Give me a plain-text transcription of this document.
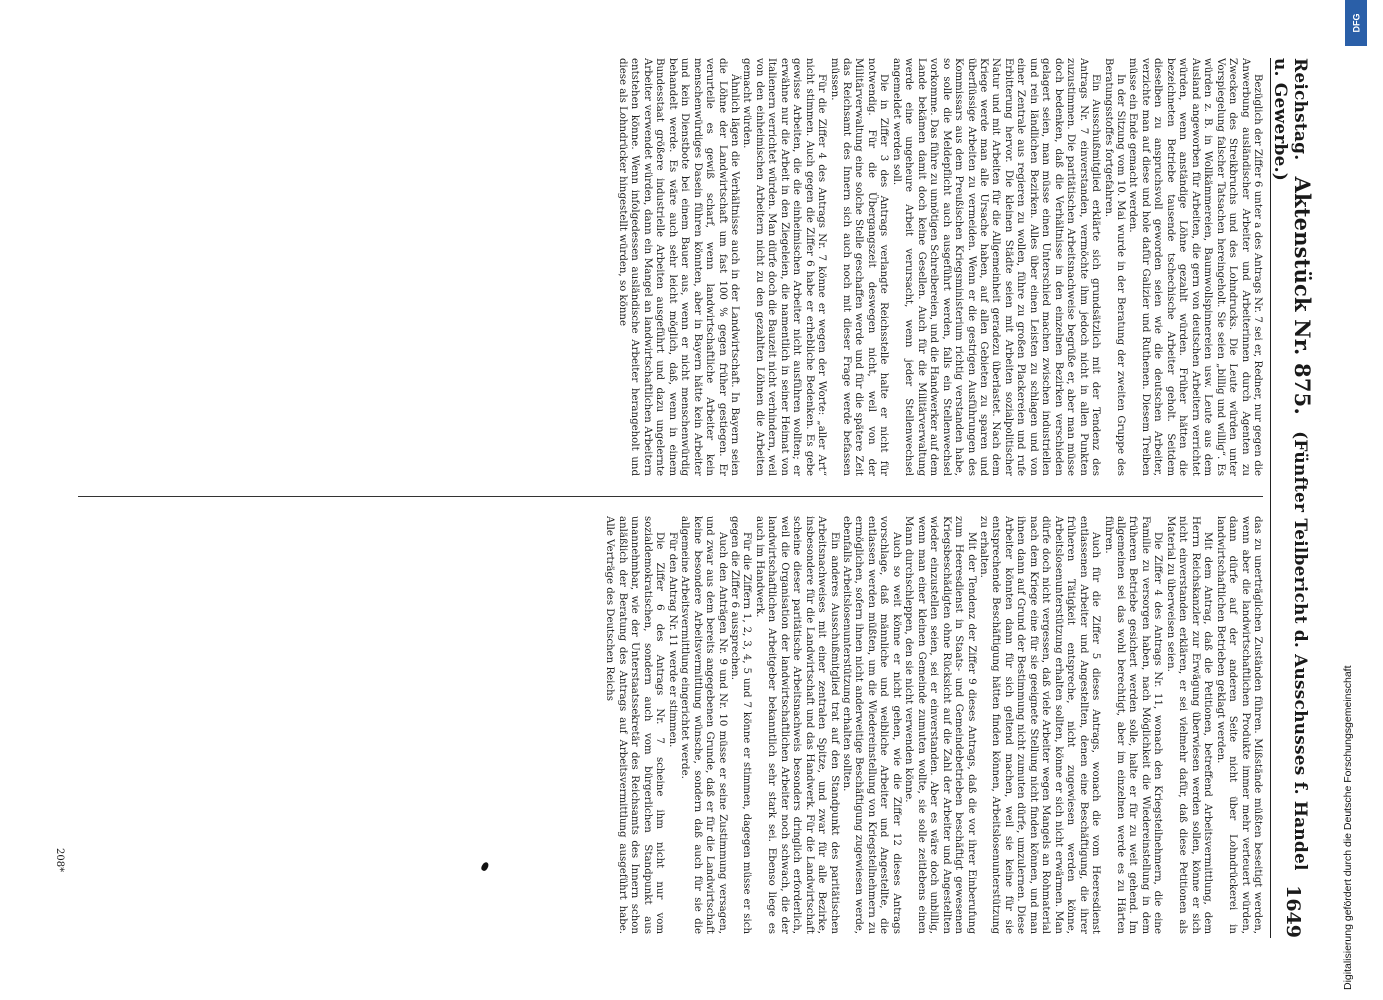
Reichstag. Aktenstück Nr. 875. (Fünfter Teilbericht d. Ausschusses f. Handel u. Gewerbe.)
1649

Bezüglich der Ziffer 6 unter a des Antrags Nr. 7 sei er, Redner, nur gegen die Anwerbung ausländischer Arbeiter und Arbeiterinnen durch Agenten zu Zwecken des Streikbruchs und des Lohndrucks. Die Leute würden unter Vorspiegelung falscher Tatsachen hereingeholt. Sie seien „billig und willig“. Es würden z. B. in Wollkämmereien, Baumwollspinnereien usw. Leute aus dem Ausland angeworben für Arbeiten, die gern von deutschen Arbeitern verrichtet würden, wenn anständige Löhne gezahlt würden. Früher hätten die bezeichneten Betriebe tausende tschechische Arbeiter geholt. Seitdem dieselben zu anspruchsvoll geworden seien wie die deutschen Arbeiter, verzichte man auf diese und hole dafür Galizier und Ruthenen. Diesem Treiben müsse ein Ende gemacht werden.

In der Sitzung vom 10. Mai wurde in der Beratung der zweiten Gruppe des Beratungsstoffes fortgefahren.

Ein Ausschußmitglied erklärte sich grundsätzlich mit der Tendenz des Antrags Nr. 7 einverstanden, vermöchte ihm jedoch nicht in allen Punkten zuzustimmen. Die paritätischen Arbeitsnachweise begrüße er, aber man müsse doch bedenken, daß die Verhältnisse in den einzelnen Bezirken verschieden gelagert seien, man müsse einen Unterschied machen zwischen industriellen und rein ländlichen Bezirken. Alles über einen Leisten zu schlagen und von einer Zentrale aus regieren zu wollen, führe zu großen Plackereien und rufe Erbitterung hervor. Die kleinen Städte seien mit Arbeiten sozialpolitischer Natur und mit Arbeiten für die Allgemeinheit geradezu überlastet. Nach dem Kriege werde man alle Ursache haben, auf allen Gebieten zu sparen und überflüssige Arbeiten zu vermeiden. Wenn er die gestrigen Ausführungen des Kommissars aus dem Preußischen Kriegsministerium richtig verstanden habe, so solle die Meldepflicht auch ausgeführt werden, falls ein Stellenwechsel vorkomme. Das führe zu unnötigen Schreibereien, und die Handwerker auf dem Lande bekämen damit doch keine Gesellen. Auch für die Militärverwaltung werde eine ungeheure Arbeit verursacht, wenn jeder Stellenwechsel angemeldet werden soll.

Die in Ziffer 3 des Antrags verlangte Reichsstelle halte er nicht für notwendig. Für die Übergangszeit deswegen nicht, weil von der Militärverwaltung eine solche Stelle geschaffen werde und für die spätere Zeit das Reichsamt des Innern sich auch noch mit dieser Frage werde befassen müssen.

Für die Ziffer 4 des Antrags Nr. 7 könne er wegen der Worte: „aller Art“ nicht stimmen. Auch gegen die Ziffer 6 habe er erhebliche Bedenken. Es gebe gewisse Arbeiten, die die einheimischen Arbeiter nicht ausführen wollten; er erwähne nur die Arbeit in den Ziegeleien, die namentlich in seiner Heimat von Italienern verrichtet würden. Man dürfe doch die Bauzeit nicht verhindern, weil von den einheimischen Arbeitern nicht zu den gezahlten Löhnen die Arbeiten gemacht würden.

Ähnlich lägen die Verhältnisse auch in der Landwirtschaft. In Bayern seien die Löhne der Landwirtschaft um fast 100 % gegen früher gestiegen. Er verurteile es gewiß scharf, wenn landwirtschaftliche Arbeiter kein menschenwürdiges Dasein führen könnten, aber in Bayern hätte kein Arbeiter und kein Dienstbote bei einem Bauer aus, wenn er nicht menschenwürdig behandelt werde. Es wäre auch sehr leicht möglich, daß, wenn in einem Bundesstaat größere industrielle Arbeiten ausgeführt und dazu ungelernte Arbeiter verwendet würden, dann ein Mangel an landwirtschaftlichen Arbeitern entstehen könne. Wenn infolgedessen ausländische Arbeiter herangeholt und diese als Lohndrücker hingestellt würden, so könne

das zu unerträglichen Zuständen führen. Mißstände müßten beseitigt werden, wenn aber die landwirtschaftlichen Produkte immer mehr verteuert würden, dann dürfe auf der anderen Seite nicht über Lohndrückerei in landwirtschaftlichen Betrieben geklagt werden.

Mit dem Antrag, daß die Petitionen, betreffend Arbeitsvermittlung, dem Herrn Reichskanzler zur Erwägung überwiesen werden sollen, könne er sich nicht einverstanden erklären, er sei vielmehr dafür, daß diese Petitionen als Material zu überweisen seien.

Die Ziffer 4 des Antrags Nr. 11, wonach den Kriegsteilnehmern, die eine Familie zu versorgen haben, nach Möglichkeit die Wiedereinstellung in dem früheren Betriebe gesichert werden solle, halte er für zu weit gehend. Im allgemeinen sei das wohl berechtigt, aber im einzelnen werde es zu Härten führen.

Auch für die Ziffer 5 dieses Antrags, wonach die vom Heeresdienst entlassenen Arbeiter und Angestellten, denen eine Beschäftigung, die ihrer früheren Tätigkeit entspreche, nicht zugewiesen werden könne, Arbeitslosenunterstützung erhalten sollten, könne er sich nicht erwärmen. Man dürfe doch nicht vergessen, daß viele Arbeiter wegen Mangels an Rohmaterial nach dem Kriege eine für sie geeignete Stellung nicht finden können, und man ihnen dann auf Grund der Bestimmung nicht zumuten dürfe, umzulernen. Diese Arbeiter könnten dann für sich geltend machen, weil sie keine für sie entsprechende Beschäftigung hätten finden können, Arbeitslosenunterstützung zu erhalten.

Mit der Tendenz der Ziffer 9 dieses Antrags, daß die vor ihrer Einberufung zum Heeresdienst in Staats- und Gemeindebetrieben beschäftigt gewesenen Kriegsbeschädigten ohne Rücksicht auf die Zahl der Arbeiter und Angestellten wieder einzustellen seien, sei er einverstanden. Aber es wäre doch unbillig, wenn man einer kleinen Gemeinde zumuten wollte, sie solle zeitlebens einen Mann durchschleppen, den sie nicht verwenden könne.

Auch so weit könne er nicht gehen, wie die Ziffer 12 dieses Antrags vorschlage, daß männliche und weibliche Arbeiter und Angestellte, die entlassen werden müßten, um die Wiedereinstellung von Kriegsteilnehmern zu ermöglichen, sofern ihnen nicht anderweitige Beschäftigung zugewiesen werde, ebenfalls Arbeitslosenunterstützung erhalten sollten.

Ein anderes Ausschußmitglied trat auf den Standpunkt des paritätischen Arbeitsnachweises mit einer zentralen Spitze, und zwar für alle Bezirke, insbesondere für die Landwirtschaft und das Handwerk. Für die Landwirtschaft scheine dieser paritätische Arbeitsnachweis besonders dringlich erforderlich, weil die Organisation der landwirtschaftlichen Arbeiter noch schwach, die der landwirtschaftlichen Arbeitgeber bekanntlich sehr stark sei. Ebenso liege es auch im Handwerk.

Für die Ziffern 1, 2, 3, 4, 5 und 7 könne er stimmen, dagegen müsse er sich gegen die Ziffer 6 aussprechen.

Auch den Anträgen Nr. 9 und Nr. 10 müsse er seine Zustimmung versagen, und zwar aus dem bereits angegebenen Grunde, daß er für die Landwirtschaft keine besondere Arbeitsvermittlung wünsche, sondern daß auch für sie die allgemeine Arbeitsvermittlung eingerichtet werde.

Für den Antrag Nr. 11 werde er stimmen.

Die Ziffer 6 des Antrags Nr. 7 scheine ihm nicht nur vom sozialdemokratischen, sondern auch vom bürgerlichen Standpunkt aus unannehmbar, wie der Unterstaatssekretär des Reichsamts des Innern schon anläßlich der Beratung des Antrags auf Arbeitsvermittlung ausgeführt habe. Alle Verträge des Deutschen Reichs

208*
DFG
Digitalisierung gefördert durch die Deutsche Forschungsgemeinschaft
